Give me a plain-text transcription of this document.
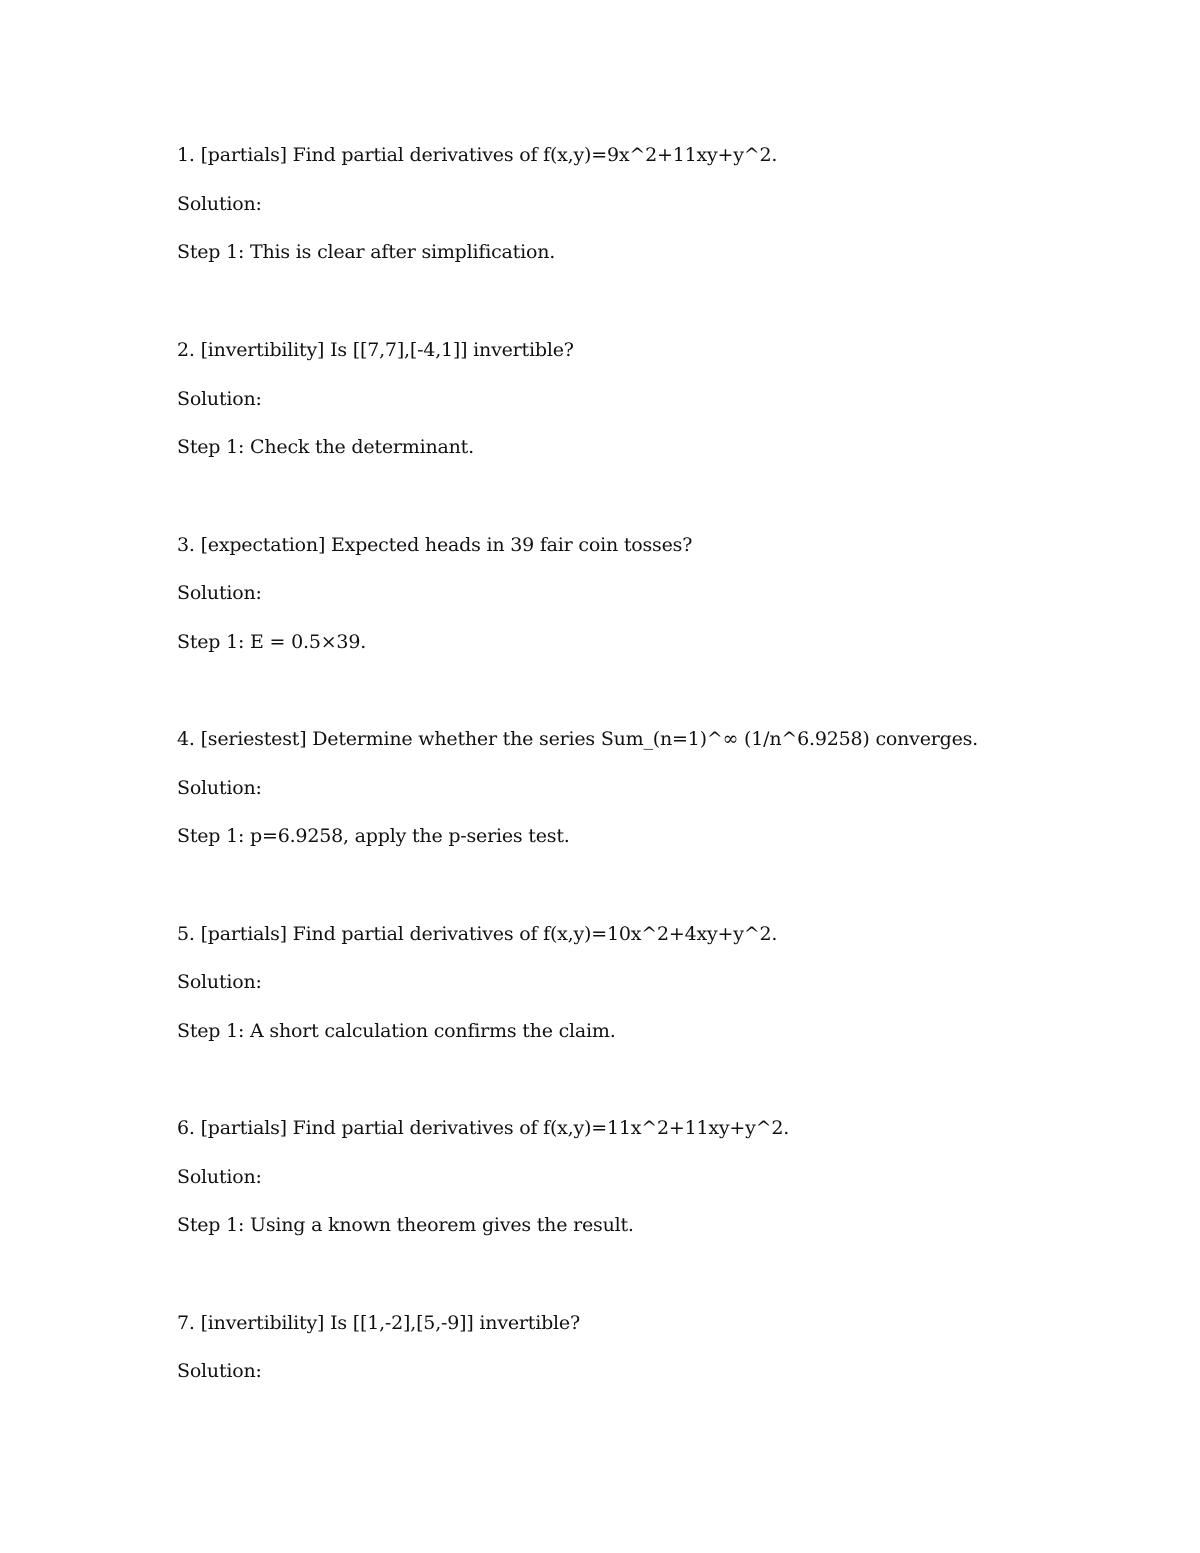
1. [partials] Find partial derivatives of f(x,y)=9x^2+11xy+y^2.
Solution:
Step 1: This is clear after simplification.
2. [invertibility] Is [[7,7],[-4,1]] invertible?
Solution:
Step 1: Check the determinant.
3. [expectation] Expected heads in 39 fair coin tosses?
Solution:
Step 1: E = 0.5×39.
4. [seriestest] Determine whether the series Sum_(n=1)^∞ (1/n^6.9258) converges.
Solution:
Step 1: p=6.9258, apply the p-series test.
5. [partials] Find partial derivatives of f(x,y)=10x^2+4xy+y^2.
Solution:
Step 1: A short calculation confirms the claim.
6. [partials] Find partial derivatives of f(x,y)=11x^2+11xy+y^2.
Solution:
Step 1: Using a known theorem gives the result.
7. [invertibility] Is [[1,-2],[5,-9]] invertible?
Solution:
